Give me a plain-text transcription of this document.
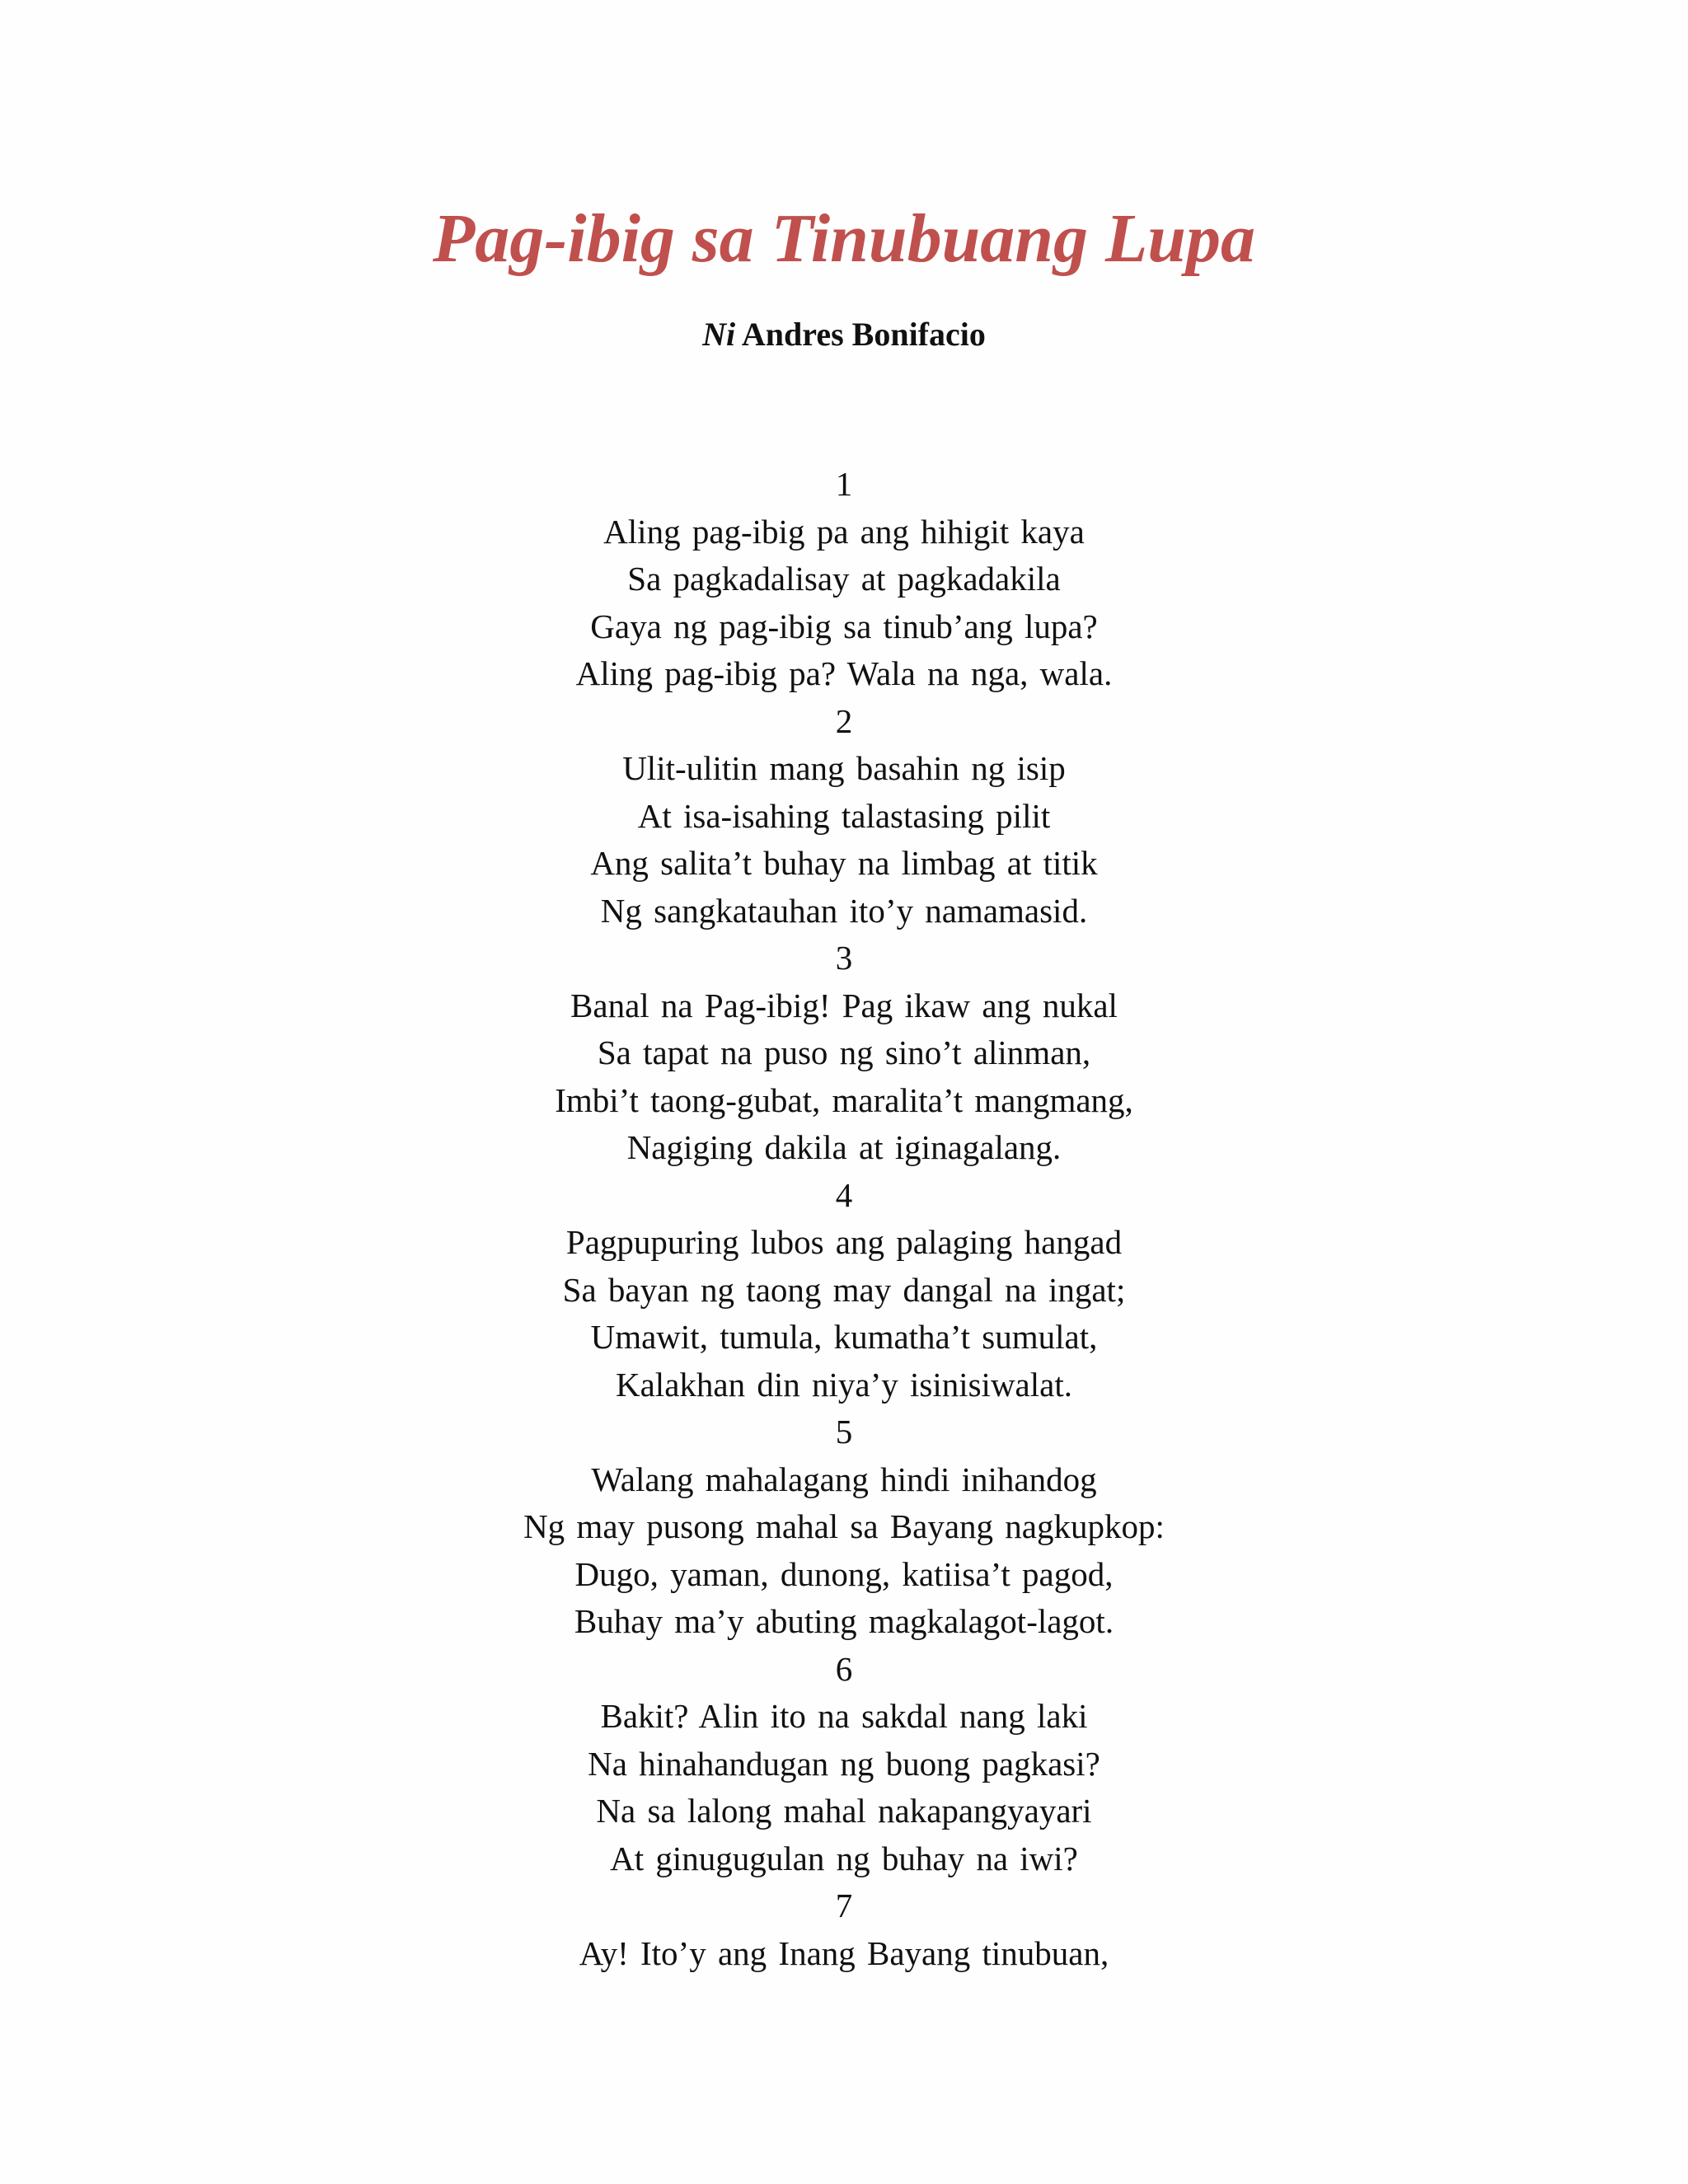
Pag-ibig sa Tinubuang Lupa
Ni Andres Bonifacio
1
Aling pag-ibig pa ang hihigit kaya
Sa pagkadalisay at pagkadakila
Gaya ng pag-ibig sa tinub’ang lupa?
Aling pag-ibig pa? Wala na nga, wala.
2
Ulit-ulitin mang basahin ng isip
At isa-isahing talastasing pilit
Ang salita’t buhay na limbag at titik
Ng sangkatauhan ito’y namamasid.
3
Banal na Pag-ibig! Pag ikaw ang nukal
Sa tapat na puso ng sino’t alinman,
Imbi’t taong-gubat, maralita’t mangmang,
Nagiging dakila at iginagalang.
4
Pagpupuring lubos ang palaging hangad
Sa bayan ng taong may dangal na ingat;
Umawit, tumula, kumatha’t sumulat,
Kalakhan din niya’y isinisiwalat.
5
Walang mahalagang hindi inihandog
Ng may pusong mahal sa Bayang nagkupkop:
Dugo, yaman, dunong, katiisa’t pagod,
Buhay ma’y abuting magkalagot-lagot.
6
Bakit? Alin ito na sakdal nang laki
Na hinahandugan ng buong pagkasi?
Na sa lalong mahal nakapangyayari
At ginugugulan ng buhay na iwi?
7
Ay! Ito’y ang Inang Bayang tinubuan,
